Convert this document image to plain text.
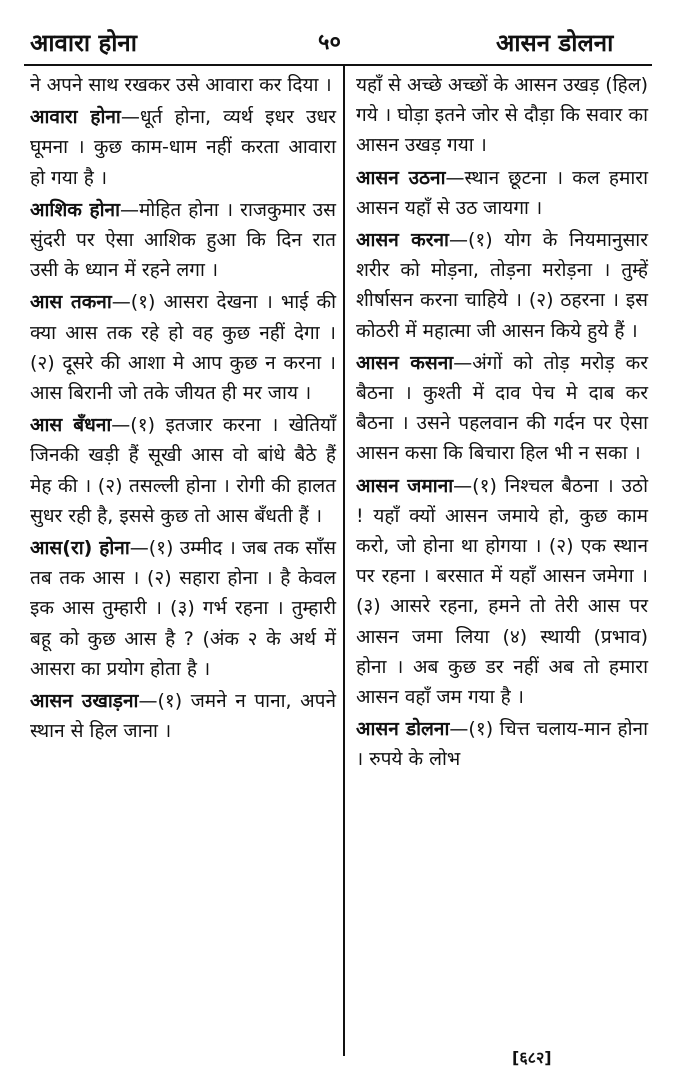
आवारा होना	५०	आसन डोलना

ने अपने साथ रखकर उसे आवारा कर दिया ।

आवारा होना—धूर्त होना, व्यर्थ इधर उधर घूमना । कुछ काम-धाम नहीं करता आवारा हो गया है ।

आशिक होना—मोहित होना । राजकुमार उस सुंदरी पर ऐसा आशिक हुआ कि दिन रात उसी के ध्यान में रहने लगा ।

आस तकना—(१) आसरा देखना । भाई की क्या आस तक रहे हो वह कुछ नहीं देगा । (२) दूसरे की आशा मे आप कुछ न करना । आस बिरानी जो तके जीयत ही मर जाय ।

आस बँधना—(१) इतजार करना । खेतियाँ जिनकी खड़ी हैं सूखी आस वो बांधे बैठे हैं मेह की । (२) तसल्ली होना । रोगी की हालत सुधर रही है, इससे कुछ तो आस बँधती हैं ।

आस(रा) होना—(१) उम्मीद । जब तक साँस तब तक आस । (२) सहारा होना । है केवल इक आस तुम्हारी । (३) गर्भ रहना । तुम्हारी बहू को कुछ आस है ? (अंक २ के अर्थ में आसरा का प्रयोग होता है ।

आसन उखाड़ना—(१) जमने न पाना, अपने स्थान से हिल जाना ।

यहाँ से अच्छे अच्छों के आसन उखड़ (हिल) गये । घोड़ा इतने जोर से दौड़ा कि सवार का आसन उखड़ गया ।

आसन उठना—स्थान छूटना । कल हमारा आसन यहाँ से उठ जायगा ।

आसन करना—(१) योग के नियमानुसार शरीर को मोड़ना, तोड़ना मरोड़ना । तुम्हें शीर्षासन करना चाहिये । (२) ठहरना । इस कोठरी में महात्मा जी आसन किये हुये हैं ।

आसन कसना—अंगों को तोड़ मरोड़ कर बैठना । कुश्ती में दाव पेच मे दाब कर बैठना । उसने पहलवान की गर्दन पर ऐसा आसन कसा कि बिचारा हिल भी न सका ।

आसन जमाना—(१) निश्चल बैठना । उठो ! यहाँ क्यों आसन जमाये हो, कुछ काम करो, जो होना था होगया । (२) एक स्थान पर रहना । बरसात में यहाँ आसन जमेगा । (३) आसरे रहना, हमने तो तेरी आस पर आसन जमा लिया (४) स्थायी (प्रभाव) होना । अब कुछ डर नहीं अब तो हमारा आसन वहाँ जम गया है ।

आसन डोलना—(१) चित्त चलाय-मान होना । रुपये के लोभ

[६८२]
